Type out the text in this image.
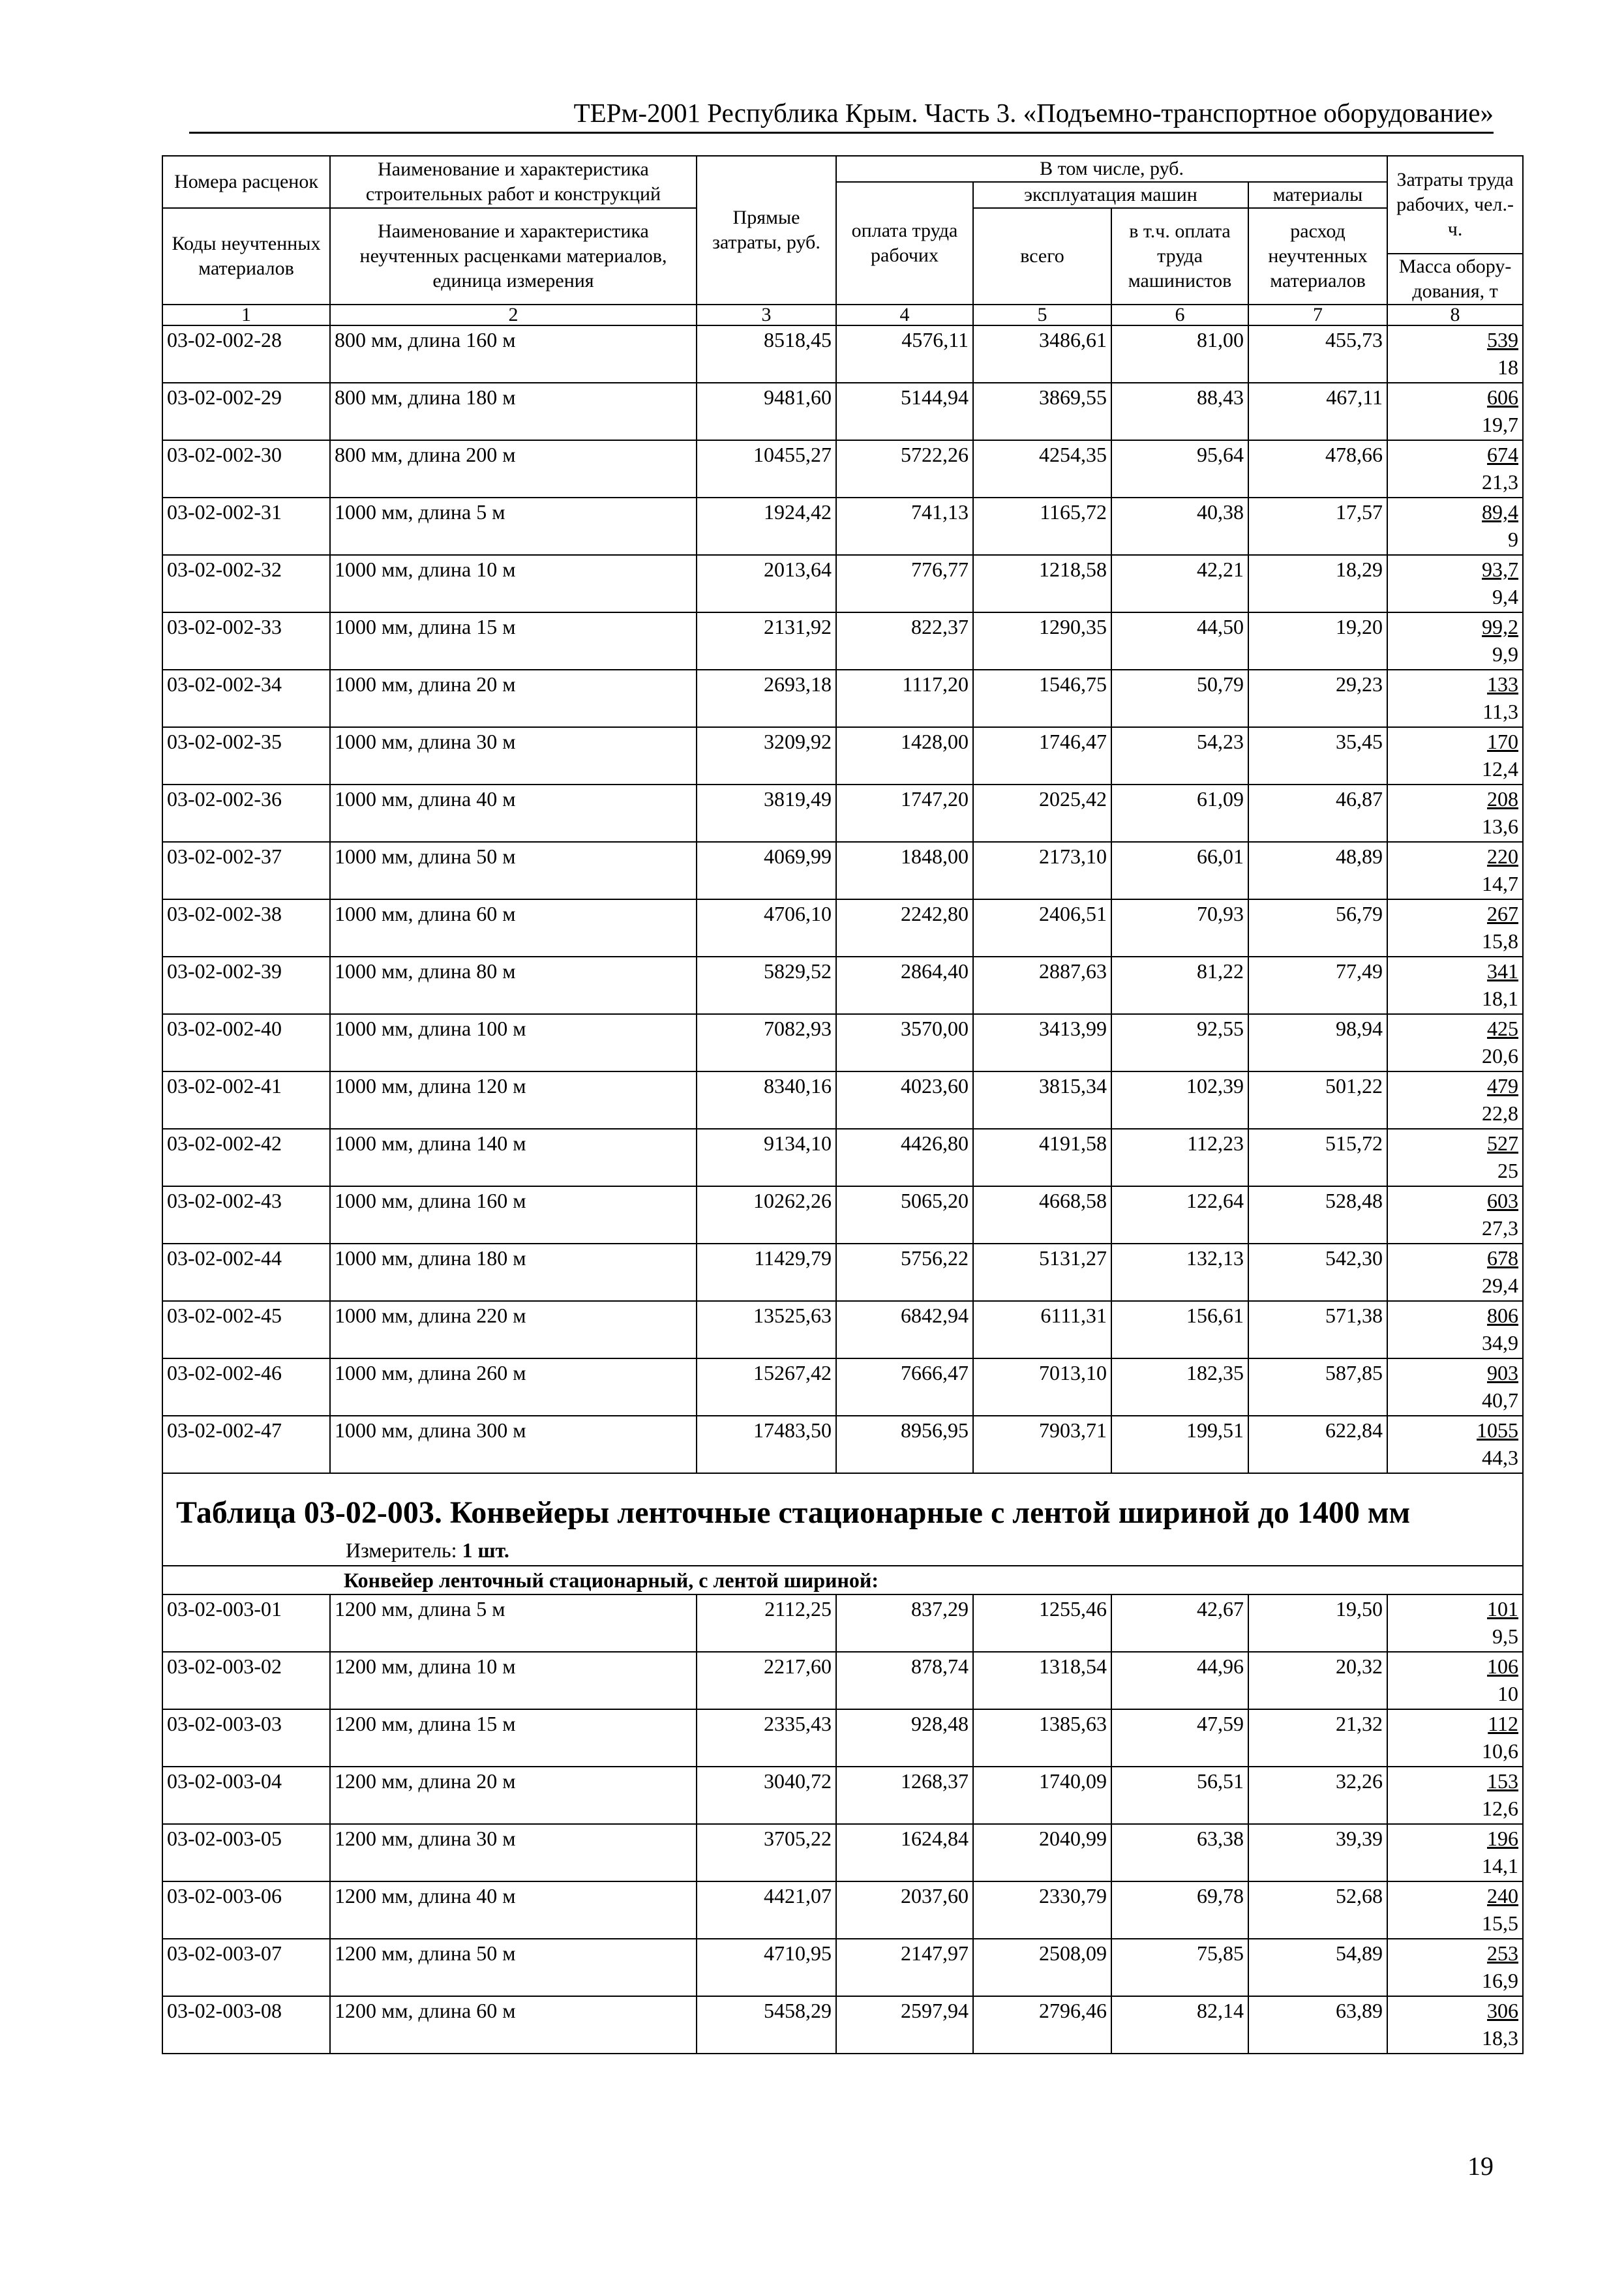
ТЕРм-2001 Республика Крым. Часть 3. «Подъемно-транспортное оборудование»
Номера расценок	Наименование и характеристика строительных работ и конструкций	Прямые затраты, руб.	В том числе, руб.				Затраты труда рабочих, чел.-ч.
			оплата труда рабочих	эксплуатация машин		материалы	
Коды неучтенных материалов	Наименование и характеристика неучтенных расценками материалов, единица измерения			всего	в т.ч. оплата труда машинистов	расход неучтенных материалов	
							Масса обору-дования, т
1	2	3	4	5	6	7	8
03-02-002-28	800 мм, длина 160 м	8518,45	4576,11	3486,61	81,00	455,73	539
18

03-02-002-29	800 мм, длина 180 м	9481,60	5144,94	3869,55	88,43	467,11	606
19,7

03-02-002-30	800 мм, длина 200 м	10455,27	5722,26	4254,35	95,64	478,66	674
21,3

03-02-002-31	1000 мм, длина 5 м	1924,42	741,13	1165,72	40,38	17,57	89,4
9

03-02-002-32	1000 мм, длина 10 м	2013,64	776,77	1218,58	42,21	18,29	93,7
9,4

03-02-002-33	1000 мм, длина 15 м	2131,92	822,37	1290,35	44,50	19,20	99,2
9,9

03-02-002-34	1000 мм, длина 20 м	2693,18	1117,20	1546,75	50,79	29,23	133
11,3

03-02-002-35	1000 мм, длина 30 м	3209,92	1428,00	1746,47	54,23	35,45	170
12,4

03-02-002-36	1000 мм, длина 40 м	3819,49	1747,20	2025,42	61,09	46,87	208
13,6

03-02-002-37	1000 мм, длина 50 м	4069,99	1848,00	2173,10	66,01	48,89	220
14,7

03-02-002-38	1000 мм, длина 60 м	4706,10	2242,80	2406,51	70,93	56,79	267
15,8

03-02-002-39	1000 мм, длина 80 м	5829,52	2864,40	2887,63	81,22	77,49	341
18,1

03-02-002-40	1000 мм, длина 100 м	7082,93	3570,00	3413,99	92,55	98,94	425
20,6

03-02-002-41	1000 мм, длина 120 м	8340,16	4023,60	3815,34	102,39	501,22	479
22,8

03-02-002-42	1000 мм, длина 140 м	9134,10	4426,80	4191,58	112,23	515,72	527
25

03-02-002-43	1000 мм, длина 160 м	10262,26	5065,20	4668,58	122,64	528,48	603
27,3

03-02-002-44	1000 мм, длина 180 м	11429,79	5756,22	5131,27	132,13	542,30	678
29,4

03-02-002-45	1000 мм, длина 220 м	13525,63	6842,94	6111,31	156,61	571,38	806
34,9

03-02-002-46	1000 мм, длина 260 м	15267,42	7666,47	7013,10	182,35	587,85	903
40,7

03-02-002-47	1000 мм, длина 300 м	17483,50	8956,95	7903,71	199,51	622,84	1055
44,3

Таблица 03-02-003. Конвейеры ленточные стационарные с лентой шириной до 1400 мм
Измеритель: 1 шт.							

Конвейер ленточный стационарный, с лентой шириной:							
03-02-003-01	1200 мм, длина 5 м	2112,25	837,29	1255,46	42,67	19,50	101
9,5

03-02-003-02	1200 мм, длина 10 м	2217,60	878,74	1318,54	44,96	20,32	106
10

03-02-003-03	1200 мм, длина 15 м	2335,43	928,48	1385,63	47,59	21,32	112
10,6

03-02-003-04	1200 мм, длина 20 м	3040,72	1268,37	1740,09	56,51	32,26	153
12,6

03-02-003-05	1200 мм, длина 30 м	3705,22	1624,84	2040,99	63,38	39,39	196
14,1

03-02-003-06	1200 мм, длина 40 м	4421,07	2037,60	2330,79	69,78	52,68	240
15,5

03-02-003-07	1200 мм, длина 50 м	4710,95	2147,97	2508,09	75,85	54,89	253
16,9

03-02-003-08	1200 мм, длина 60 м	5458,29	2597,94	2796,46	82,14	63,89	306
18,3
19
